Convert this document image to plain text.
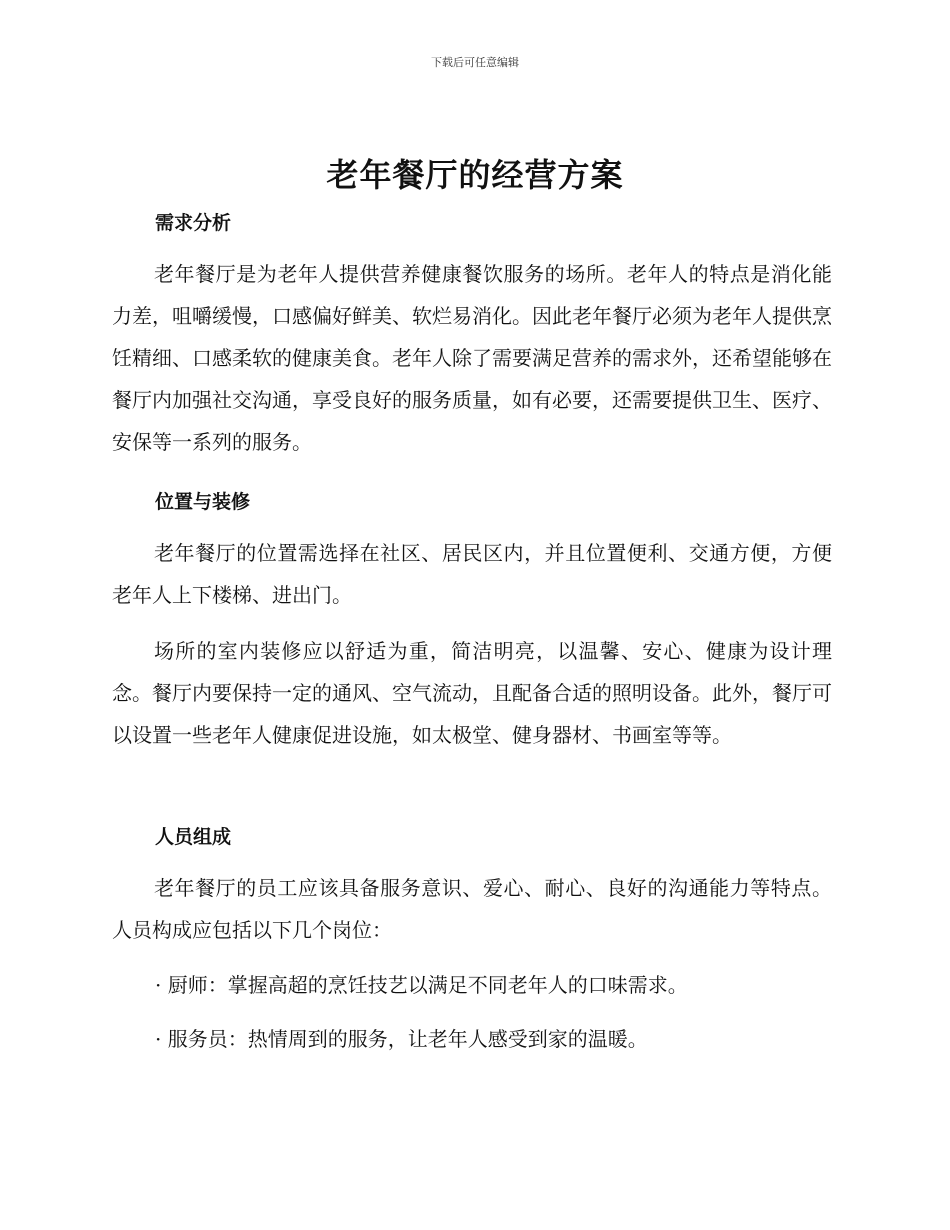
下载后可任意编辑
老年餐厅的经营方案
需求分析

老年餐厅是为老年人提供营养健康餐饮服务的场所。老年人的特点是消化能力差，咀嚼缓慢，口感偏好鲜美、软烂易消化。因此老年餐厅必须为老年人提供烹饪精细、口感柔软的健康美食。老年人除了需要满足营养的需求外，还希望能够在餐厅内加强社交沟通，享受良好的服务质量，如有必要，还需要提供卫生、医疗、安保等一系列的服务。

位置与装修

老年餐厅的位置需选择在社区、居民区内，并且位置便利、交通方便，方便老年人上下楼梯、进出门。

场所的室内装修应以舒适为重，简洁明亮，以温馨、安心、健康为设计理念。餐厅内要保持一定的通风、空气流动，且配备合适的照明设备。此外，餐厅可以设置一些老年人健康促进设施，如太极堂、健身器材、书画室等等。

人员组成

老年餐厅的员工应该具备服务意识、爱心、耐心、良好的沟通能力等特点。人员构成应包括以下几个岗位：

· 厨师：掌握高超的烹饪技艺以满足不同老年人的口味需求。

· 服务员：热情周到的服务，让老年人感受到家的温暖。
